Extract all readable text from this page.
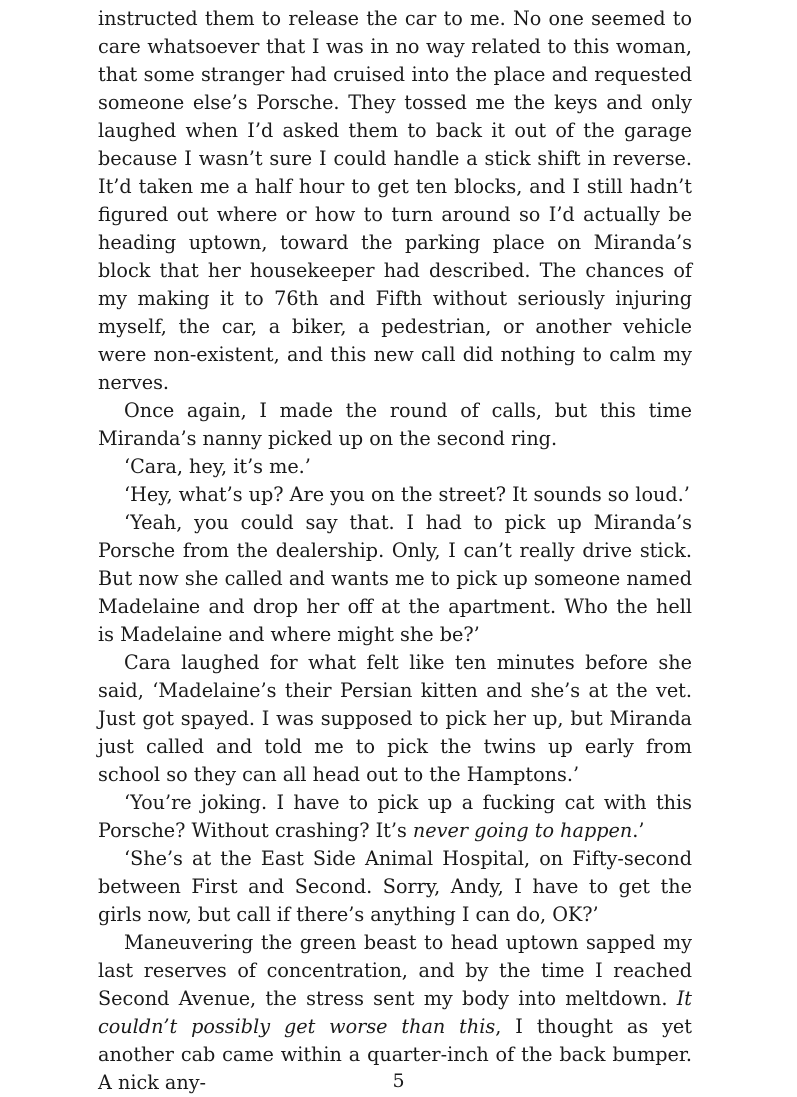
instructed them to release the car to me. No one seemed to care whatsoever that I was in no way related to this woman, that some stranger had cruised into the place and requested someone else’s Porsche. They tossed me the keys and only laughed when I’d asked them to back it out of the garage because I wasn’t sure I could handle a stick shift in reverse. It’d taken me a half hour to get ten blocks, and I still hadn’t figured out where or how to turn around so I’d actually be heading uptown, toward the parking place on Miranda’s block that her housekeeper had described. The chances of my making it to 76th and Fifth without seriously injuring myself, the car, a biker, a pedestrian, or another vehicle were non-existent, and this new call did nothing to calm my nerves.

Once again, I made the round of calls, but this time Miranda’s nanny picked up on the second ring.

‘Cara, hey, it’s me.’

‘Hey, what’s up? Are you on the street? It sounds so loud.’

‘Yeah, you could say that. I had to pick up Miranda’s Porsche from the dealership. Only, I can’t really drive stick. But now she called and wants me to pick up someone named Madelaine and drop her off at the apartment. Who the hell is Madelaine and where might she be?’

Cara laughed for what felt like ten minutes before she said, ‘Madelaine’s their Persian kitten and she’s at the vet. Just got spayed. I was supposed to pick her up, but Miranda just called and told me to pick the twins up early from school so they can all head out to the Hamptons.’

‘You’re joking. I have to pick up a fucking cat with this Porsche? Without crashing? It’s never going to happen.’

‘She’s at the East Side Animal Hospital, on Fifty-second between First and Second. Sorry, Andy, I have to get the girls now, but call if there’s anything I can do, OK?’

Maneuvering the green beast to head uptown sapped my last reserves of concentration, and by the time I reached Second Avenue, the stress sent my body into meltdown. It couldn’t possibly get worse than this, I thought as yet another cab came within a quarter-inch of the back bumper. A nick any-	5
